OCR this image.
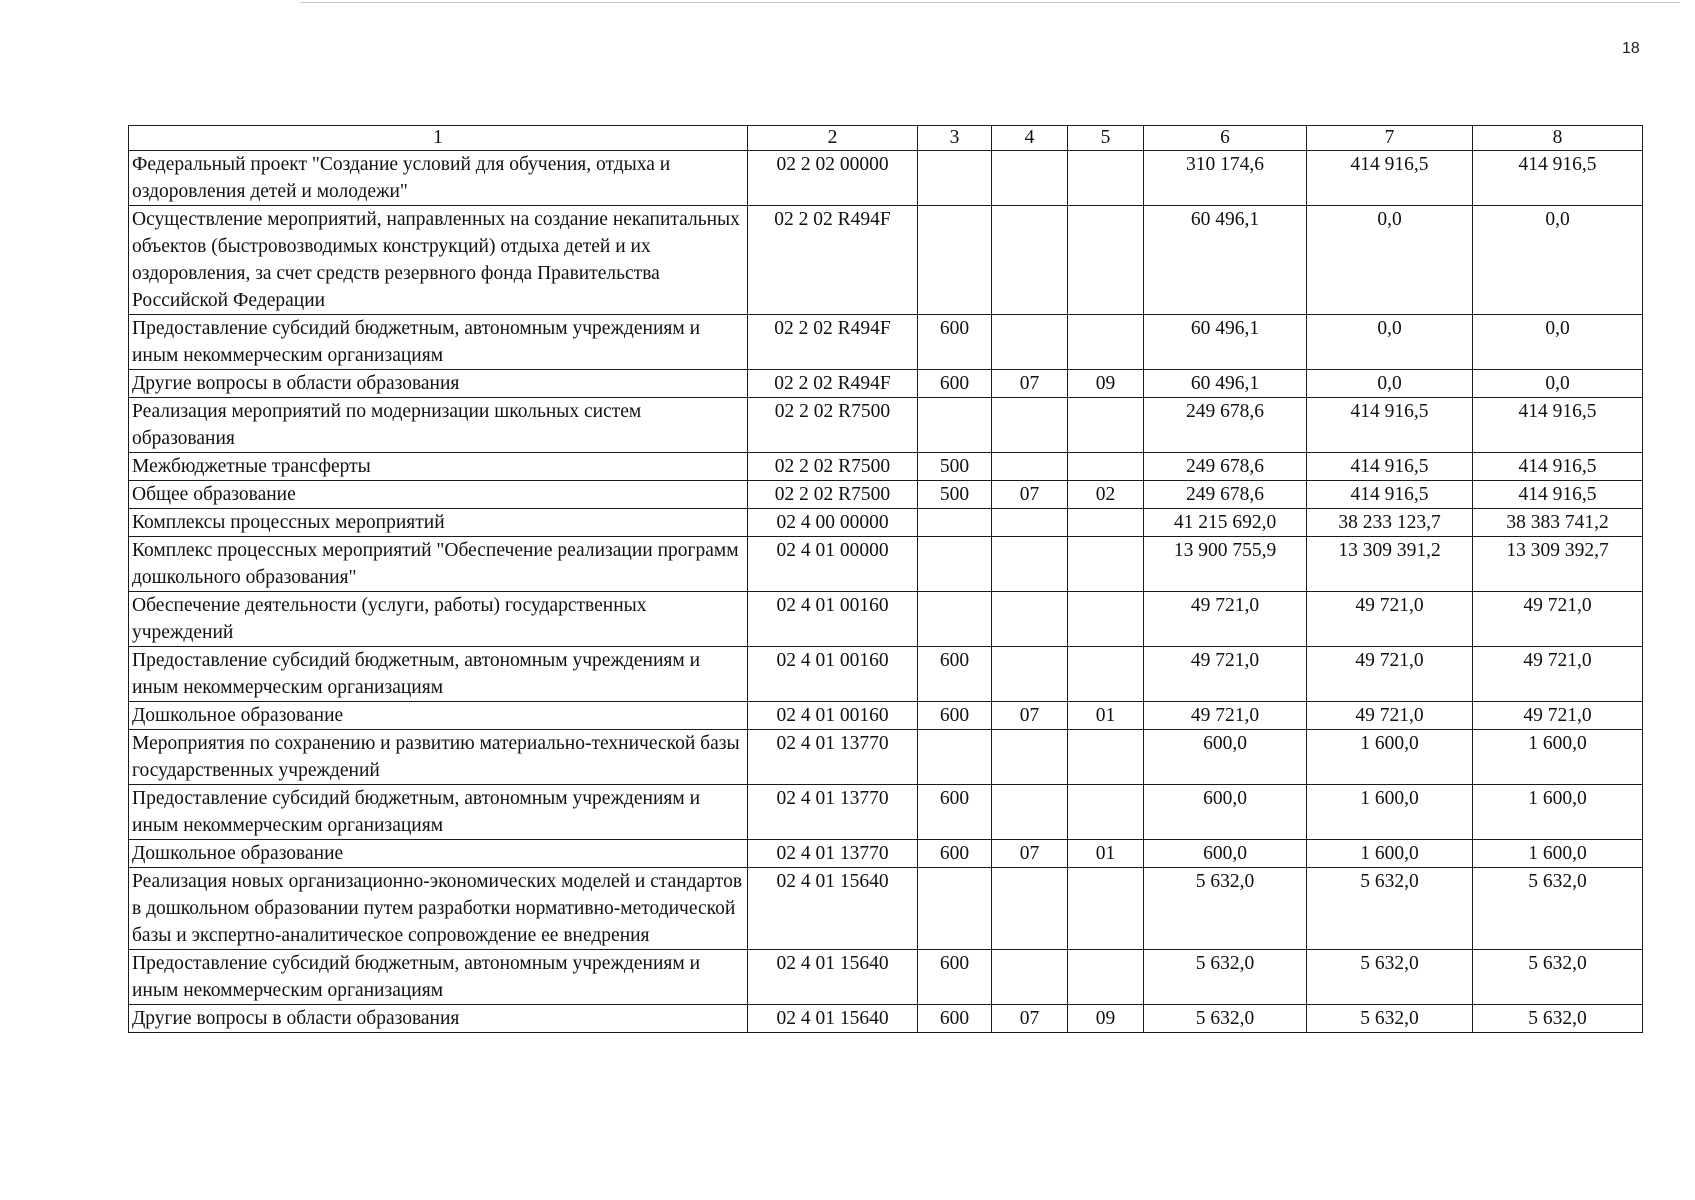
18
1	2	3	4	5	6	7	8
Федеральный проект "Создание условий для обучения, отдыха и оздоровления детей и молодежи"	02 2 02 00000				310 174,6	414 916,5	414 916,5
Осуществление мероприятий, направленных на создание некапитальных объектов (быстровозводимых конструкций) отдыха детей и их оздоровления, за счет средств резервного фонда Правительства Российской Федерации	02 2 02 R494F				60 496,1	0,0	0,0
Предоставление субсидий бюджетным, автономным учреждениям и иным некоммерческим организациям	02 2 02 R494F	600			60 496,1	0,0	0,0
Другие вопросы в области образования	02 2 02 R494F	600	07	09	60 496,1	0,0	0,0
Реализация мероприятий по модернизации школьных систем образования	02 2 02 R7500				249 678,6	414 916,5	414 916,5
Межбюджетные трансферты	02 2 02 R7500	500			249 678,6	414 916,5	414 916,5
Общее образование	02 2 02 R7500	500	07	02	249 678,6	414 916,5	414 916,5
Комплексы процессных мероприятий	02 4 00 00000				41 215 692,0	38 233 123,7	38 383 741,2
Комплекс процессных мероприятий "Обеспечение реализации программ дошкольного образования"	02 4 01 00000				13 900 755,9	13 309 391,2	13 309 392,7
Обеспечение деятельности (услуги, работы) государственных учреждений	02 4 01 00160				49 721,0	49 721,0	49 721,0
Предоставление субсидий бюджетным, автономным учреждениям и иным некоммерческим организациям	02 4 01 00160	600			49 721,0	49 721,0	49 721,0
Дошкольное образование	02 4 01 00160	600	07	01	49 721,0	49 721,0	49 721,0
Мероприятия по сохранению и развитию материально-технической базы государственных учреждений	02 4 01 13770				600,0	1 600,0	1 600,0
Предоставление субсидий бюджетным, автономным учреждениям и иным некоммерческим организациям	02 4 01 13770	600			600,0	1 600,0	1 600,0
Дошкольное образование	02 4 01 13770	600	07	01	600,0	1 600,0	1 600,0
Реализация новых организационно-экономических моделей и стандартов в дошкольном образовании путем разработки нормативно-методической базы и экспертно-аналитическое сопровождение ее внедрения	02 4 01 15640				5 632,0	5 632,0	5 632,0
Предоставление субсидий бюджетным, автономным учреждениям и иным некоммерческим организациям	02 4 01 15640	600			5 632,0	5 632,0	5 632,0
Другие вопросы в области образования	02 4 01 15640	600	07	09	5 632,0	5 632,0	5 632,0
